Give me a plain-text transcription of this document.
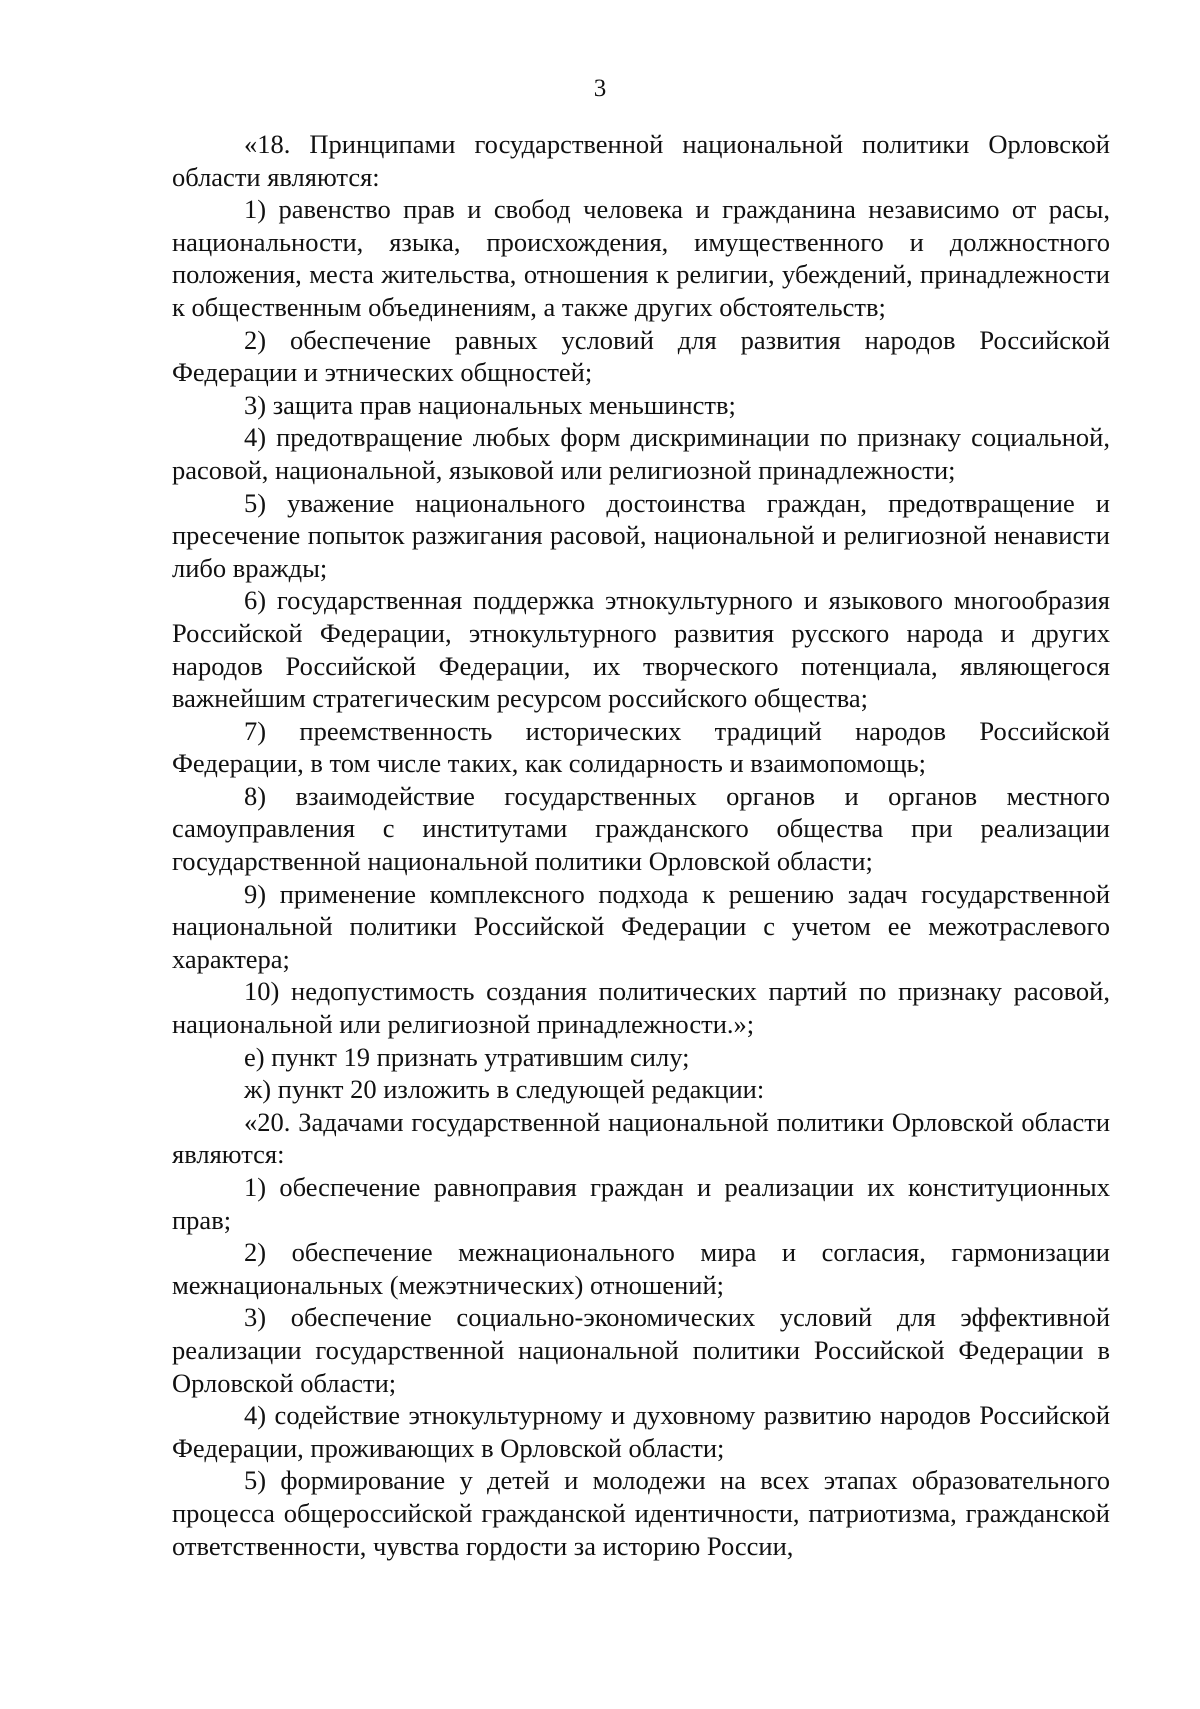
3

«18. Принципами государственной национальной политики Орловской области являются:

1) равенство прав и свобод человека и гражданина независимо от расы, национальности, языка, происхождения, имущественного и должностного положения, места жительства, отношения к религии, убеждений, принадлежности к общественным объединениям, а также других обстоятельств;

2) обеспечение равных условий для развития народов Российской Федерации и этнических общностей;

3) защита прав национальных меньшинств;

4) предотвращение любых форм дискриминации по признаку социальной, расовой, национальной, языковой или религиозной принадлежности;

5) уважение национального достоинства граждан, предотвращение и пресечение попыток разжигания расовой, национальной и религиозной ненависти либо вражды;

6) государственная поддержка этнокультурного и языкового многообразия Российской Федерации, этнокультурного развития русского народа и других народов Российской Федерации, их творческого потенциала, являющегося важнейшим стратегическим ресурсом российского общества;

7) преемственность исторических традиций народов Российской Федерации, в том числе таких, как солидарность и взаимопомощь;

8) взаимодействие государственных органов и органов местного самоуправления с институтами гражданского общества при реализации государственной национальной политики Орловской области;

9) применение комплексного подхода к решению задач государственной национальной политики Российской Федерации с учетом ее межотраслевого характера;

10) недопустимость создания политических партий по признаку расовой, национальной или религиозной принадлежности.»;

е) пункт 19 признать утратившим силу;

ж) пункт 20 изложить в следующей редакции:

«20. Задачами государственной национальной политики Орловской области являются:

1) обеспечение равноправия граждан и реализации их конституционных прав;

2) обеспечение межнационального мира и согласия, гармонизации межнациональных (межэтнических) отношений;

3) обеспечение социально-экономических условий для эффективной реализации государственной национальной политики Российской Федерации в Орловской области;

4) содействие этнокультурному и духовному развитию народов Российской Федерации, проживающих в Орловской области;

5) формирование у детей и молодежи на всех этапах образовательного процесса общероссийской гражданской идентичности, патриотизма, гражданской ответственности, чувства гордости за историю России,
